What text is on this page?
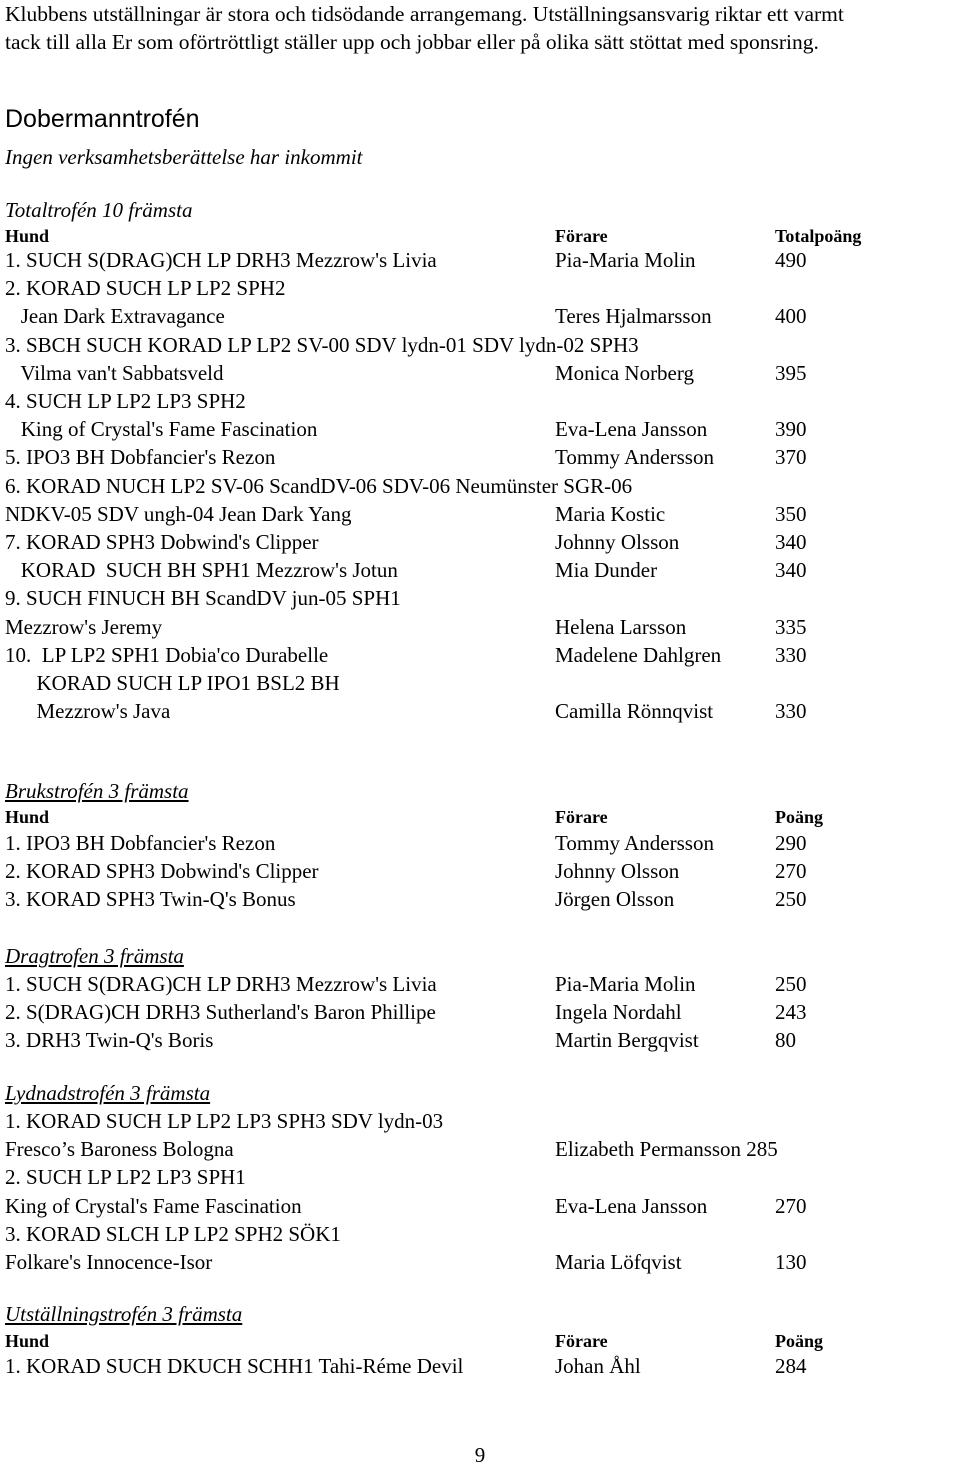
Klubbens utställningar är stora och tidsödande arrangemang. Utställningsansvarig riktar ett varmt
tack till alla Er som oförtröttligt ställer upp och jobbar eller på olika sätt stöttat med sponsring.
Dobermanntrofén
Ingen verksamhetsberättelse har inkommit
Totaltrofén 10 främsta
Hund	Förare	Totalpoäng
1. SUCH S(DRAG)CH LP DRH3 Mezzrow's Livia	Pia-Maria Molin	490
2. KORAD SUCH LP LP2 SPH2
Jean Dark Extravagance	Teres Hjalmarsson	400
3. SBCH SUCH KORAD LP LP2 SV-00 SDV lydn-01 SDV lydn-02 SPH3
Vilma van't Sabbatsveld	Monica Norberg	395
4. SUCH LP LP2 LP3 SPH2
King of Crystal's Fame Fascination	Eva-Lena Jansson	390
5. IPO3 BH Dobfancier's Rezon	Tommy Andersson	370
6. KORAD NUCH LP2 SV-06 ScandDV-06 SDV-06 Neumünster SGR-06
NDKV-05 SDV ungh-04 Jean Dark Yang	Maria Kostic	350
7. KORAD SPH3 Dobwind's Clipper	Johnny Olsson	340
KORAD  SUCH BH SPH1 Mezzrow's Jotun	Mia Dunder	340
9. SUCH FINUCH BH ScandDV jun-05 SPH1
Mezzrow's Jeremy	Helena Larsson	335
10.  LP LP2 SPH1 Dobia'co Durabelle	Madelene Dahlgren	330
KORAD SUCH LP IPO1 BSL2 BH
Mezzrow's Java	Camilla Rönnqvist	330
Brukstrofén 3 främsta
Hund	Förare	Poäng
1. IPO3 BH Dobfancier's Rezon	Tommy Andersson	290
2. KORAD SPH3 Dobwind's Clipper	Johnny Olsson	270
3. KORAD SPH3 Twin-Q's Bonus	Jörgen Olsson	250
Dragtrofen 3 främsta
1. SUCH S(DRAG)CH LP DRH3 Mezzrow's Livia	Pia-Maria Molin	250
2. S(DRAG)CH DRH3 Sutherland's Baron Phillipe	Ingela Nordahl	243
3. DRH3 Twin-Q's Boris	Martin Bergqvist	80
Lydnadstrofén 3 främsta
1. KORAD SUCH LP LP2 LP3 SPH3 SDV lydn-03
Fresco’s Baroness Bologna	Elizabeth Permansson 285
2. SUCH LP LP2 LP3 SPH1
King of Crystal's Fame Fascination	Eva-Lena Jansson	270
3. KORAD SLCH LP LP2 SPH2 SÖK1
Folkare's Innocence-Isor	Maria Löfqvist	130
Utställningstrofén 3 främsta
Hund	Förare	Poäng
1. KORAD SUCH DKUCH SCHH1 Tahi-Réme Devil	Johan Åhl	284
9
